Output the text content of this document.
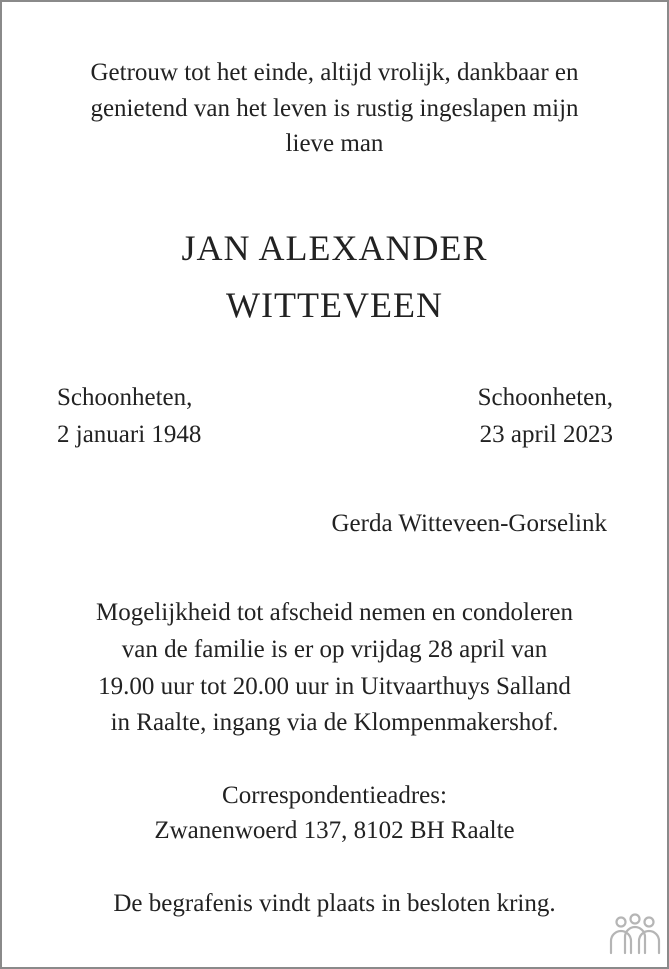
Getrouw tot het einde, altijd vrolijk, dankbaar en
genietend van het leven is rustig ingeslapen mijn
lieve man
JAN ALEXANDER
WITTEVEEN
Schoonheten,
2 januari 1948
Schoonheten,
23 april 2023
Gerda Witteveen-Gorselink
Mogelijkheid tot afscheid nemen en condoleren
van de familie is er op vrijdag 28 april van
19.00 uur tot 20.00 uur in Uitvaarthuys Salland
in Raalte, ingang via de Klompenmakershof.
Correspondentieadres:
Zwanenwoerd 137, 8102 BH Raalte
De begrafenis vindt plaats in besloten kring.
